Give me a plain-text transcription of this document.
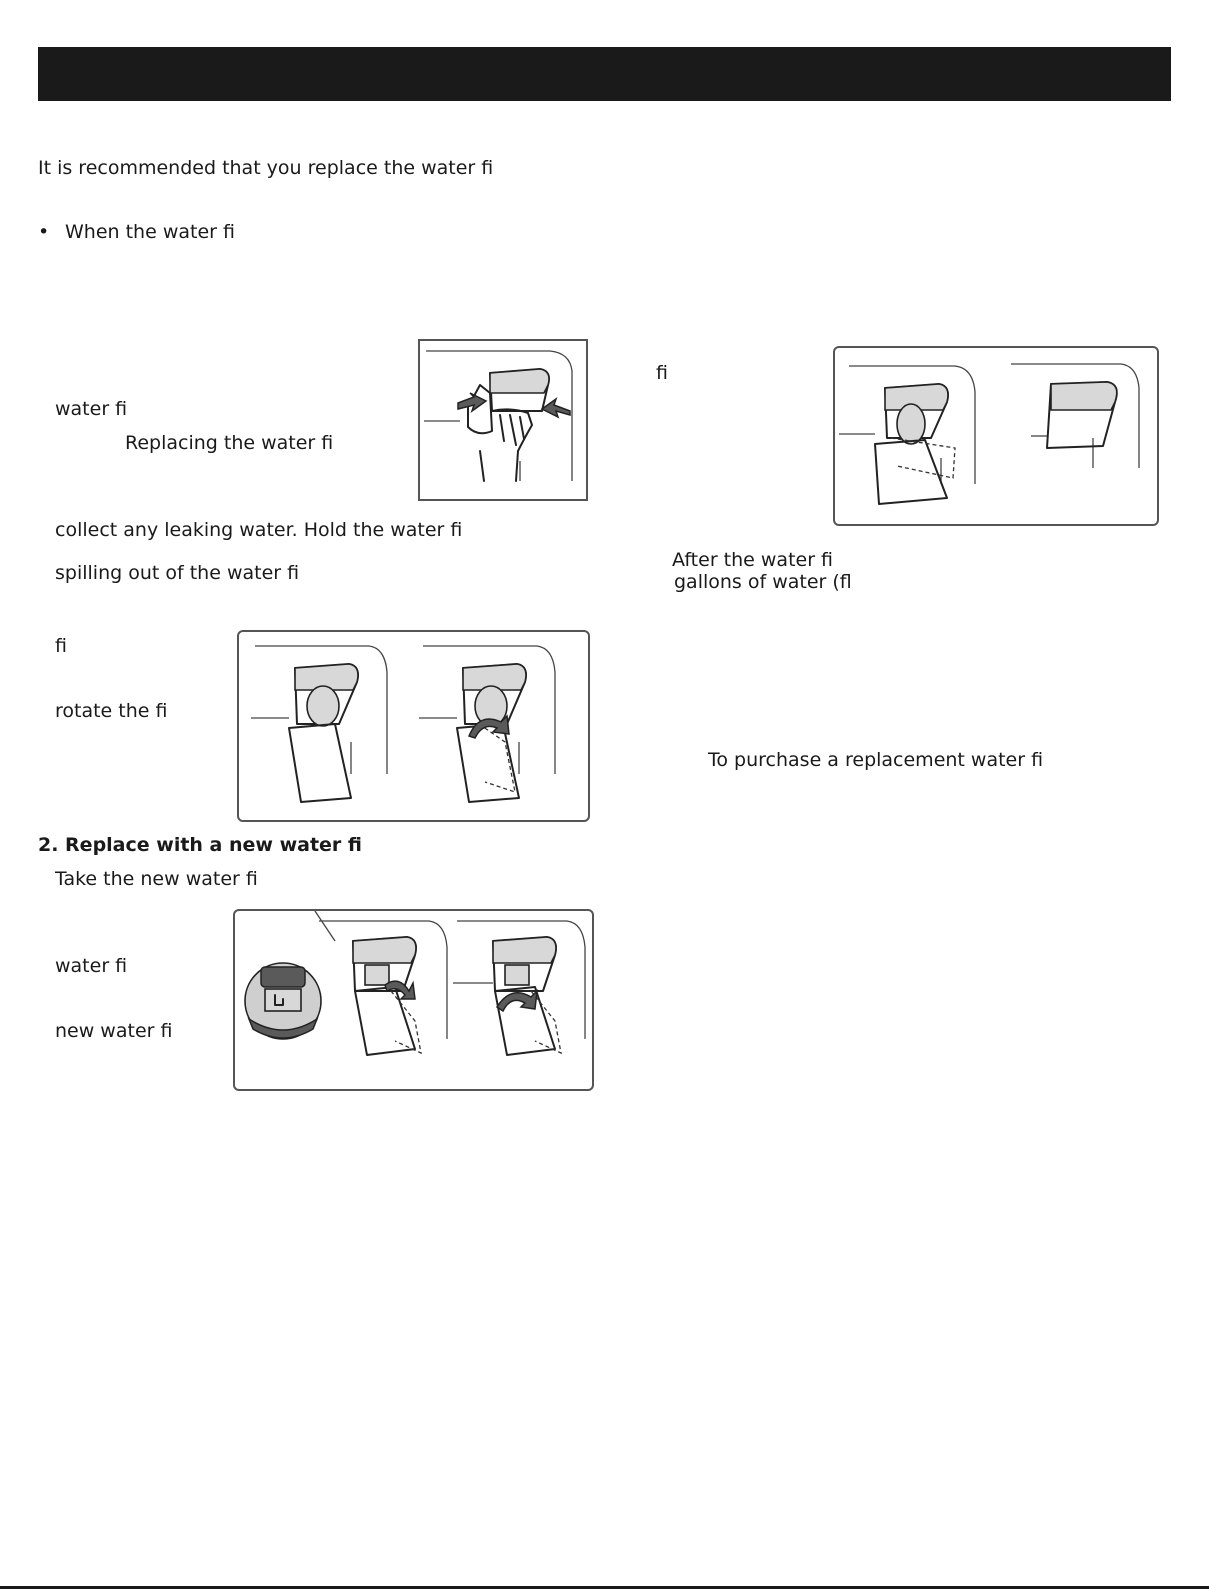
It is recommended that you replace the water fi
• When the water fi
water fi
Replacing the water fi
collect any leaking water. Hold the water fi
spilling out of the water fi
fi
rotate the fi
2. Replace with a new water fi
Take the new water fi
water fi
new water fi
fi
After the water fi
gallons of water (fl
To purchase a replacement water fi
